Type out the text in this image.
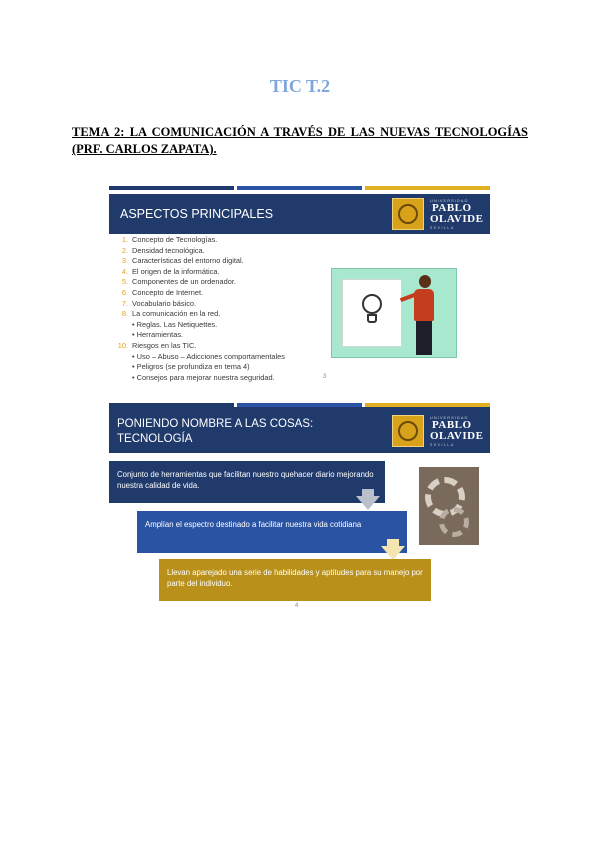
TIC T.2
TEMA 2: LA COMUNICACIÓN A TRAVÉS DE LAS NUEVAS TECNOLOGÍAS (PRF. CARLOS ZAPATA).
ASPECTOS PRINCIPALES
UNIVERSIDAD
PABLO
OLAVIDE
SEVILLA
1. Concepto de Tecnologías.
2. Densidad tecnológica.
3. Características del entorno digital.
4. El origen de la informática.
5. Componentes de un ordenador.
6. Concepto de Internet.
7. Vocabulario básico.
8. La comunicación en la red.
• Reglas. Las Netiquettes.
• Herramientas.
10. Riesgos en las TIC.
• Uso – Abuso – Adicciones comportamentales
• Peligros (se profundiza en tema 4)
• Consejos para mejorar nuestra seguridad.	3
PONIENDO NOMBRE A LAS COSAS:
TECNOLOGÍA
UNIVERSIDAD
PABLO
OLAVIDE
SEVILLA
Conjunto de herramientas que facilitan nuestro quehacer diario mejorando nuestra calidad de vida.
Amplían el espectro destinado a facilitar nuestra vida cotidiana
Llevan aparejado una serie de habilidades y aptitudes para su manejo por parte del individuo.
4
